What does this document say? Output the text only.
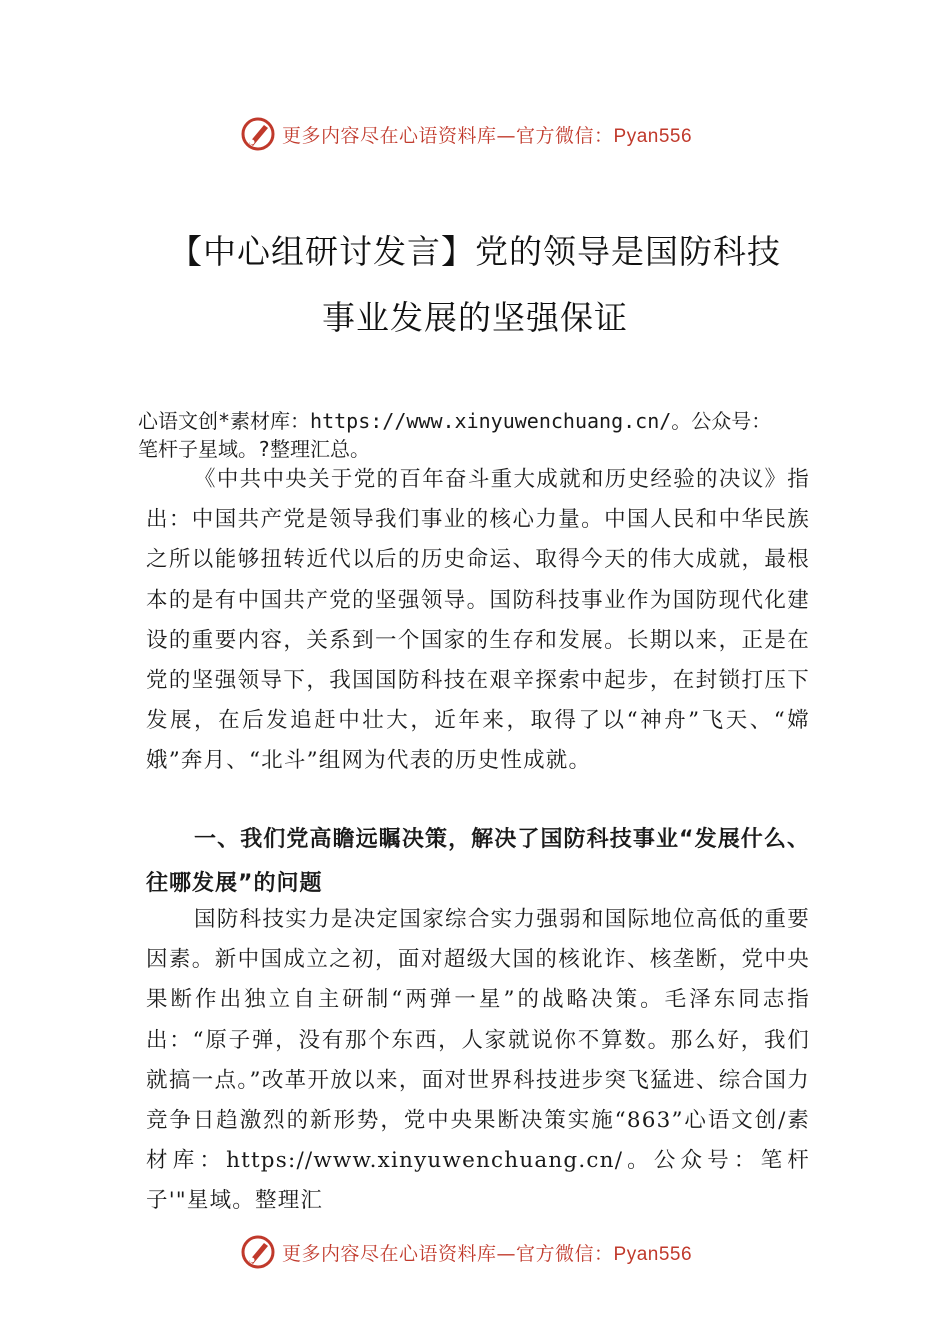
更多内容尽在心语资料库—官方微信：Pyan556
【中心组研讨发言】党的领导是国防科技
事业发展的坚强保证
心语文创*素材库：https://www.xinyuwenchuang.cn/。公众号：
笔杆子星域。?整理汇总。

《中共中央关于党的百年奋斗重大成就和历史经验的决议》指出：中国共产党是领导我们事业的核心力量。中国人民和中华民族之所以能够扭转近代以后的历史命运、取得今天的伟大成就，最根本的是有中国共产党的坚强领导。国防科技事业作为国防现代化建设的重要内容，关系到一个国家的生存和发展。长期以来，正是在党的坚强领导下，我国国防科技在艰辛探索中起步，在封锁打压下发展，在后发追赶中壮大，近年来，取得了以“神舟”飞天、“嫦娥”奔月、“北斗”组网为代表的历史性成就。

一、我们党高瞻远瞩决策，解决了国防科技事业“发展什么、往哪发展”的问题

国防科技实力是决定国家综合实力强弱和国际地位高低的重要因素。新中国成立之初，面对超级大国的核讹诈、核垄断，党中央果断作出独立自主研制“两弹一星”的战略决策。毛泽东同志指出：“原子弹，没有那个东西，人家就说你不算数。那么好，我们就搞一点。”改革开放以来，面对世界科技进步突飞猛进、综合国力竞争日趋激烈的新形势，党中央果断决策实施“863”心语文创/素材库：https://www.xinyuwenchuang.cn/。公众号：笔杆子'"星域。整理汇

更多内容尽在心语资料库—官方微信：Pyan556
